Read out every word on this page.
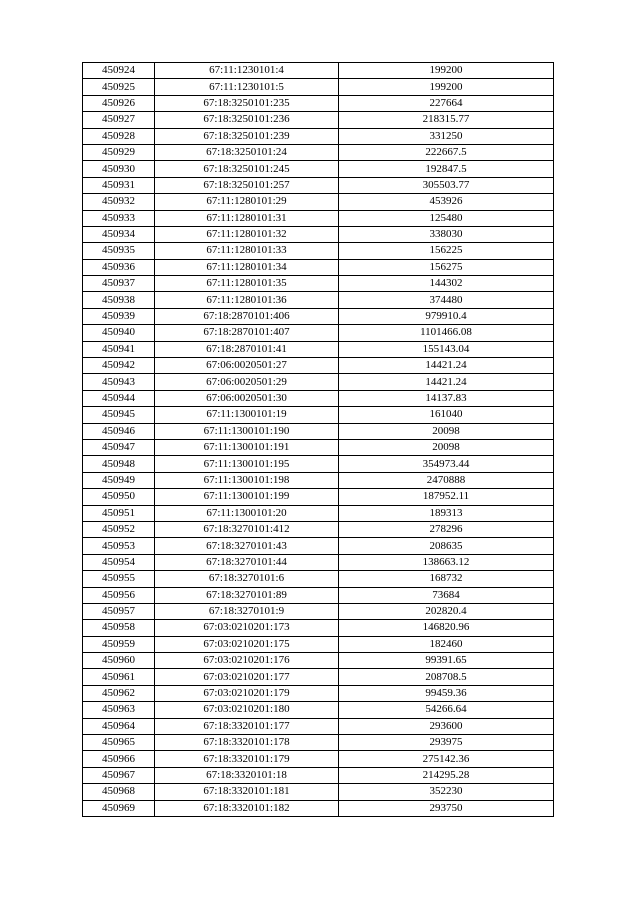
450924	67:11:1230101:4	199200
450925	67:11:1230101:5	199200
450926	67:18:3250101:235	227664
450927	67:18:3250101:236	218315.77
450928	67:18:3250101:239	331250
450929	67:18:3250101:24	222667.5
450930	67:18:3250101:245	192847.5
450931	67:18:3250101:257	305503.77
450932	67:11:1280101:29	453926
450933	67:11:1280101:31	125480
450934	67:11:1280101:32	338030
450935	67:11:1280101:33	156225
450936	67:11:1280101:34	156275
450937	67:11:1280101:35	144302
450938	67:11:1280101:36	374480
450939	67:18:2870101:406	979910.4
450940	67:18:2870101:407	1101466.08
450941	67:18:2870101:41	155143.04
450942	67:06:0020501:27	14421.24
450943	67:06:0020501:29	14421.24
450944	67:06:0020501:30	14137.83
450945	67:11:1300101:19	161040
450946	67:11:1300101:190	20098
450947	67:11:1300101:191	20098
450948	67:11:1300101:195	354973.44
450949	67:11:1300101:198	2470888
450950	67:11:1300101:199	187952.11
450951	67:11:1300101:20	189313
450952	67:18:3270101:412	278296
450953	67:18:3270101:43	208635
450954	67:18:3270101:44	138663.12
450955	67:18:3270101:6	168732
450956	67:18:3270101:89	73684
450957	67:18:3270101:9	202820.4
450958	67:03:0210201:173	146820.96
450959	67:03:0210201:175	182460
450960	67:03:0210201:176	99391.65
450961	67:03:0210201:177	208708.5
450962	67:03:0210201:179	99459.36
450963	67:03:0210201:180	54266.64
450964	67:18:3320101:177	293600
450965	67:18:3320101:178	293975
450966	67:18:3320101:179	275142.36
450967	67:18:3320101:18	214295.28
450968	67:18:3320101:181	352230
450969	67:18:3320101:182	293750
